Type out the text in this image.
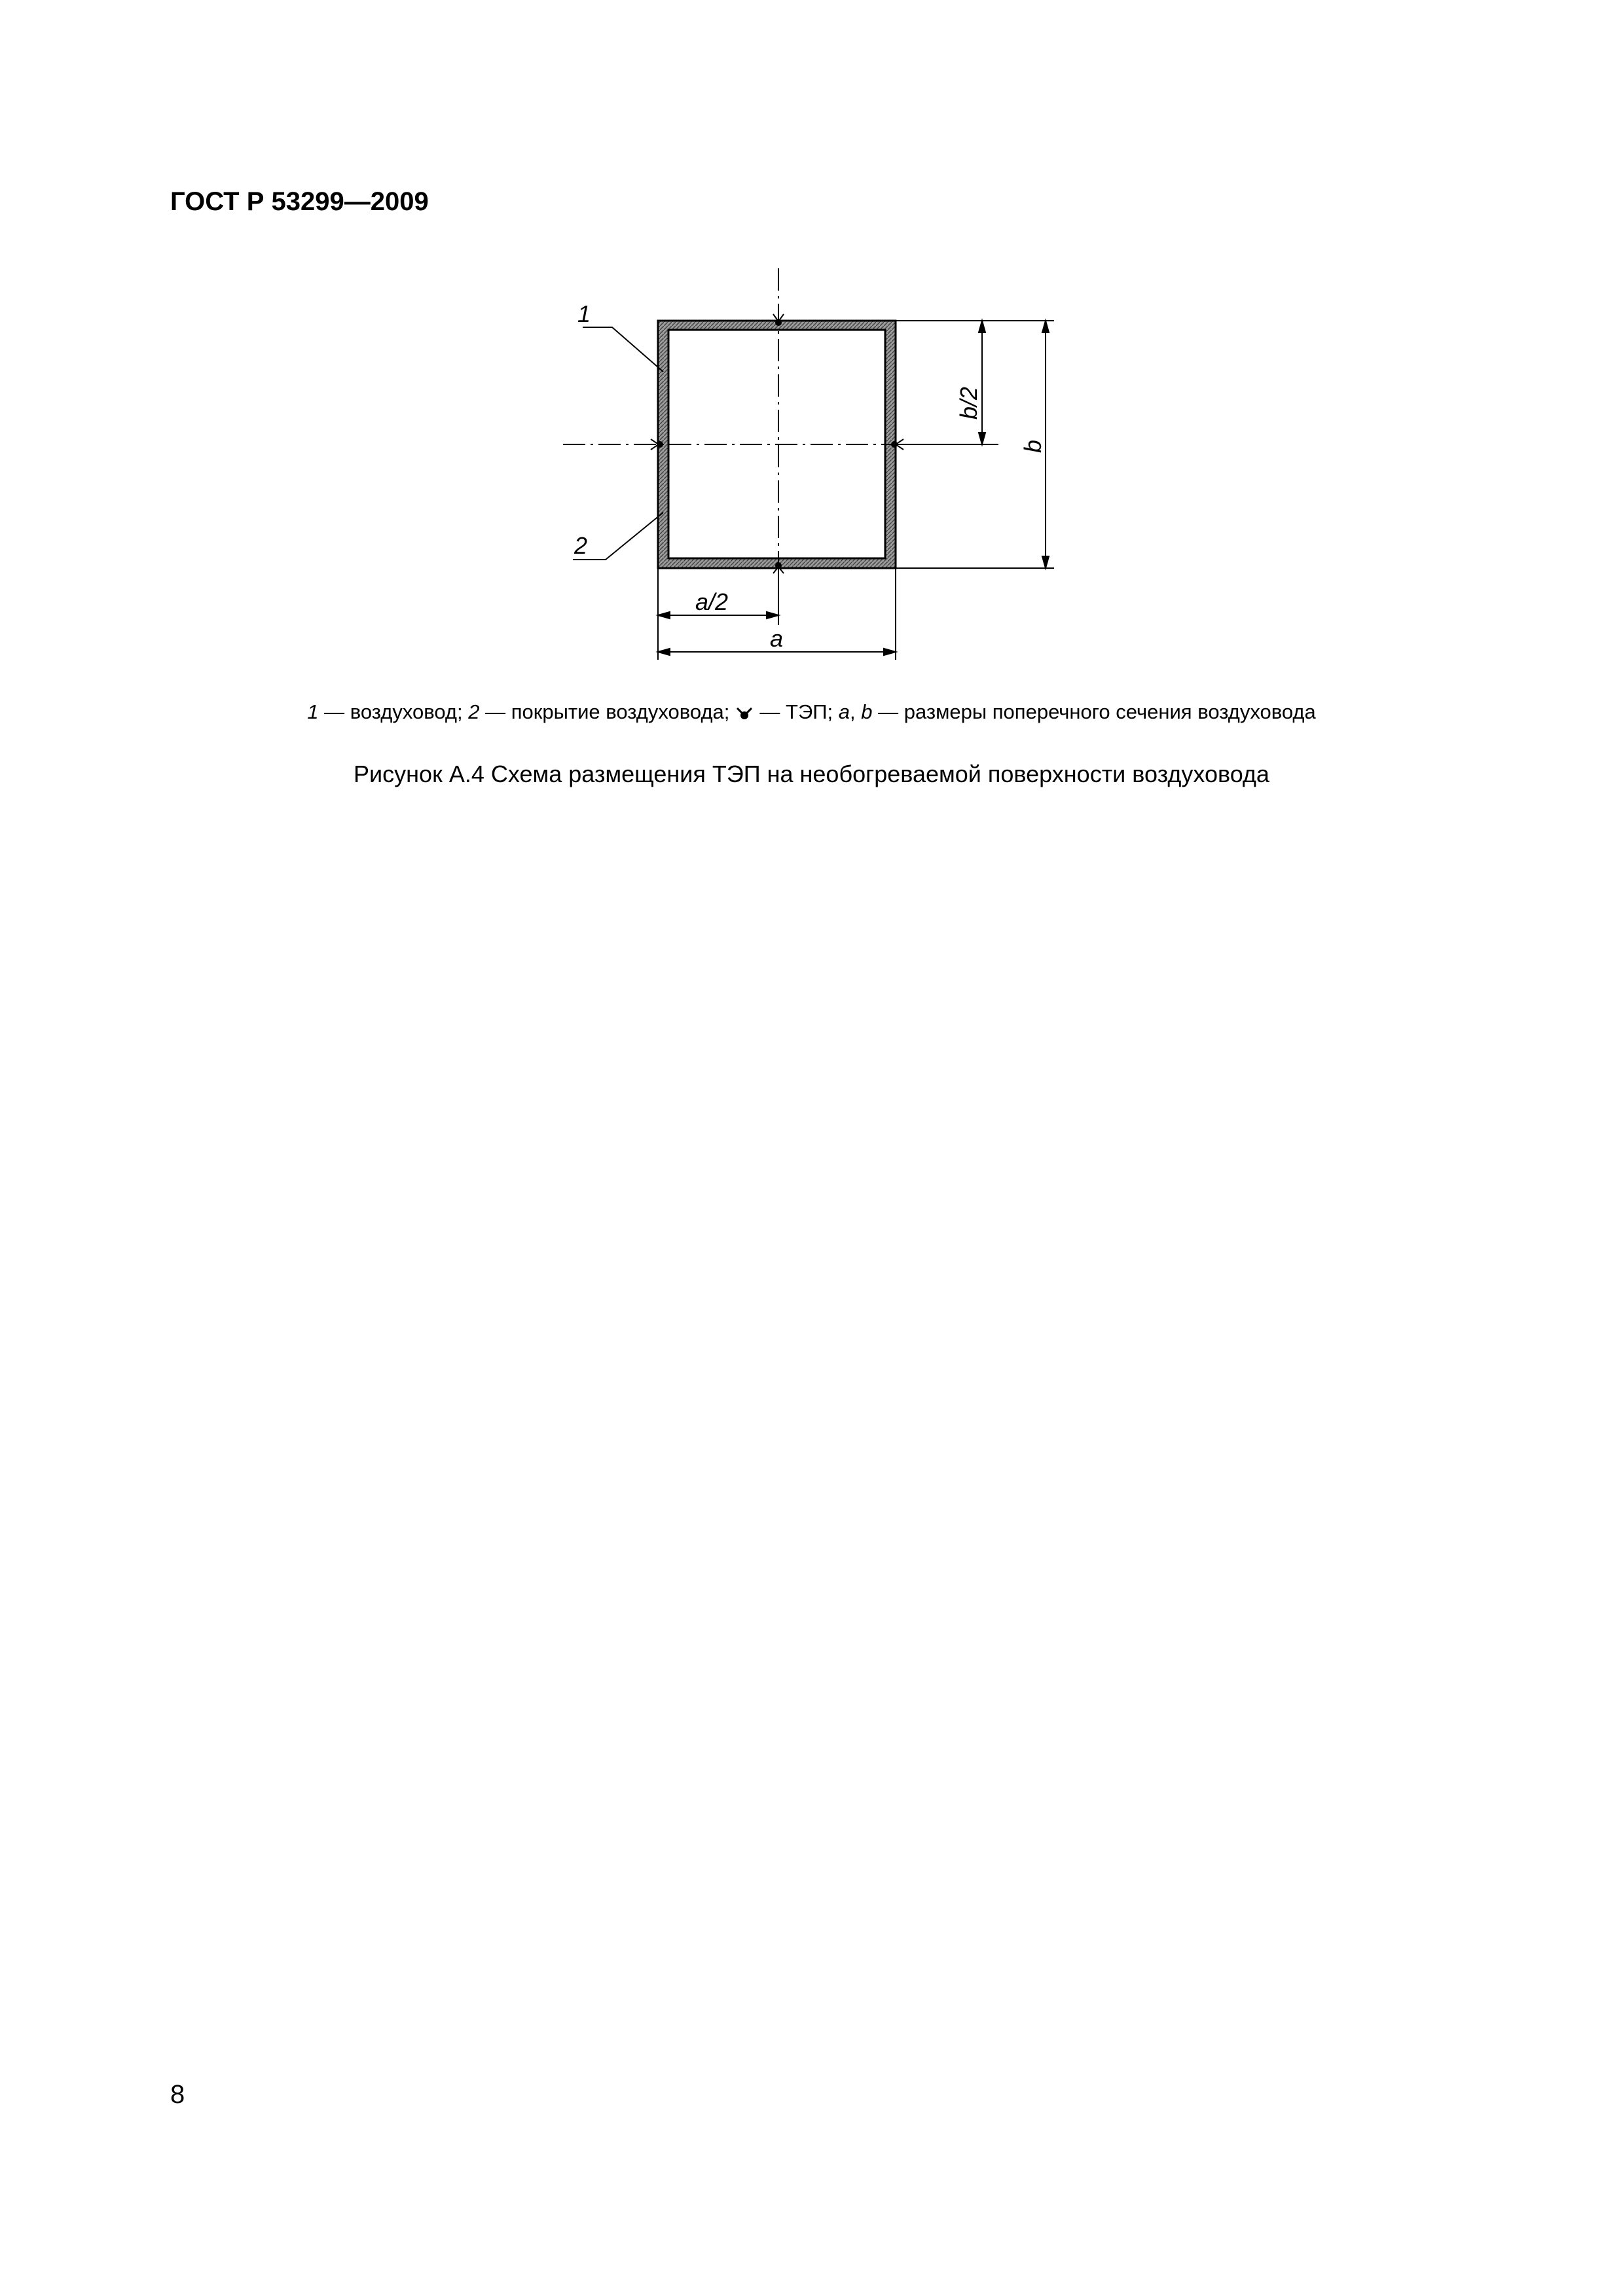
ГОСТ Р 53299—2009
1
2
b/2
b
a/2
a
1 — воздуховод; 2 — покрытие воздуховода; — ТЭП; a, b — размеры поперечного сечения воздуховода
Рисунок А.4 Схема размещения ТЭП на необогреваемой поверхности воздуховода
8
